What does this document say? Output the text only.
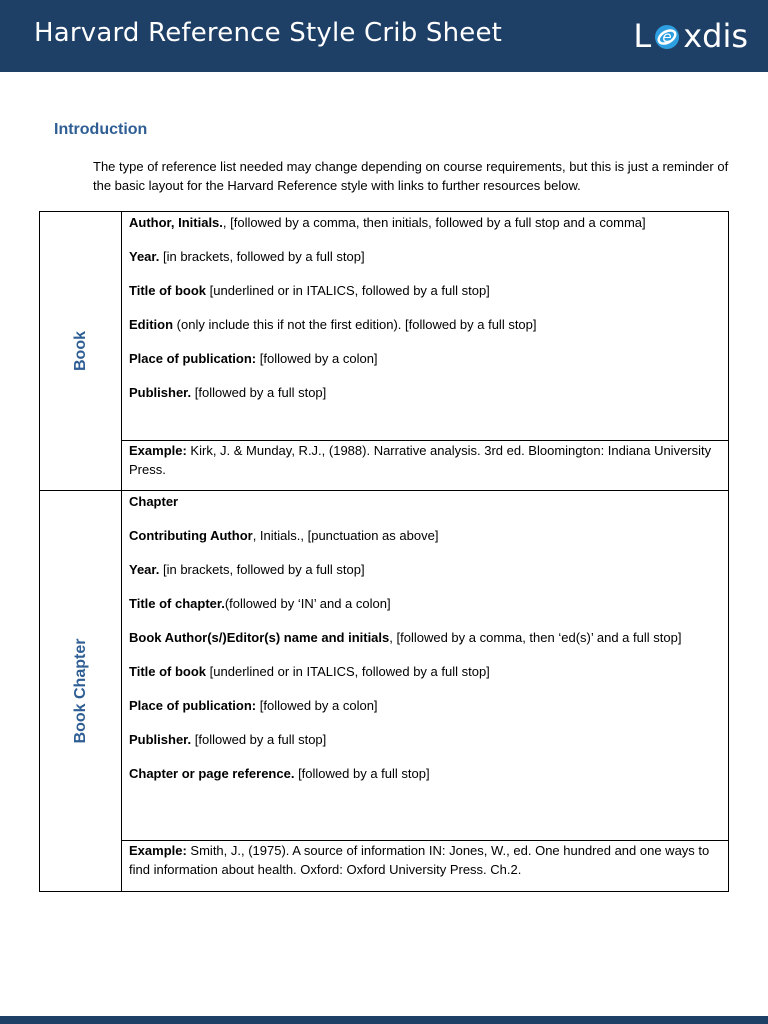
Harvard Reference Style Crib Sheet	L e xdis
Introduction
The type of reference list needed may change depending on course requirements, but this is just a reminder of the basic layout for the Harvard Reference style with links to further resources below.
Book

Author, Initials., [followed by a comma, then initials, followed by a full stop and a comma]
Year. [in brackets, followed by a full stop]
Title of book [underlined or in ITALICS, followed by a full stop]
Edition (only include this if not the first edition). [followed by a full stop]
Place of publication: [followed by a colon]
Publisher. [followed by a full stop]

Example: Kirk, J. & Munday, R.J., (1988). Narrative analysis. 3rd ed. Bloomington: Indiana University Press.
Book Chapter

Chapter
Contributing Author, Initials., [punctuation as above]
Year. [in brackets, followed by a full stop]
Title of chapter.(followed by ‘IN’ and a colon]
Book Author(s/)Editor(s) name and initials, [followed by a comma, then ‘ed(s)’ and a full stop]
Title of book [underlined or in ITALICS, followed by a full stop]
Place of publication: [followed by a colon]
Publisher. [followed by a full stop]
Chapter or page reference. [followed by a full stop]

Example: Smith, J., (1975). A source of information IN: Jones, W., ed. One hundred and one ways to find information about health. Oxford: Oxford University Press. Ch.2.
